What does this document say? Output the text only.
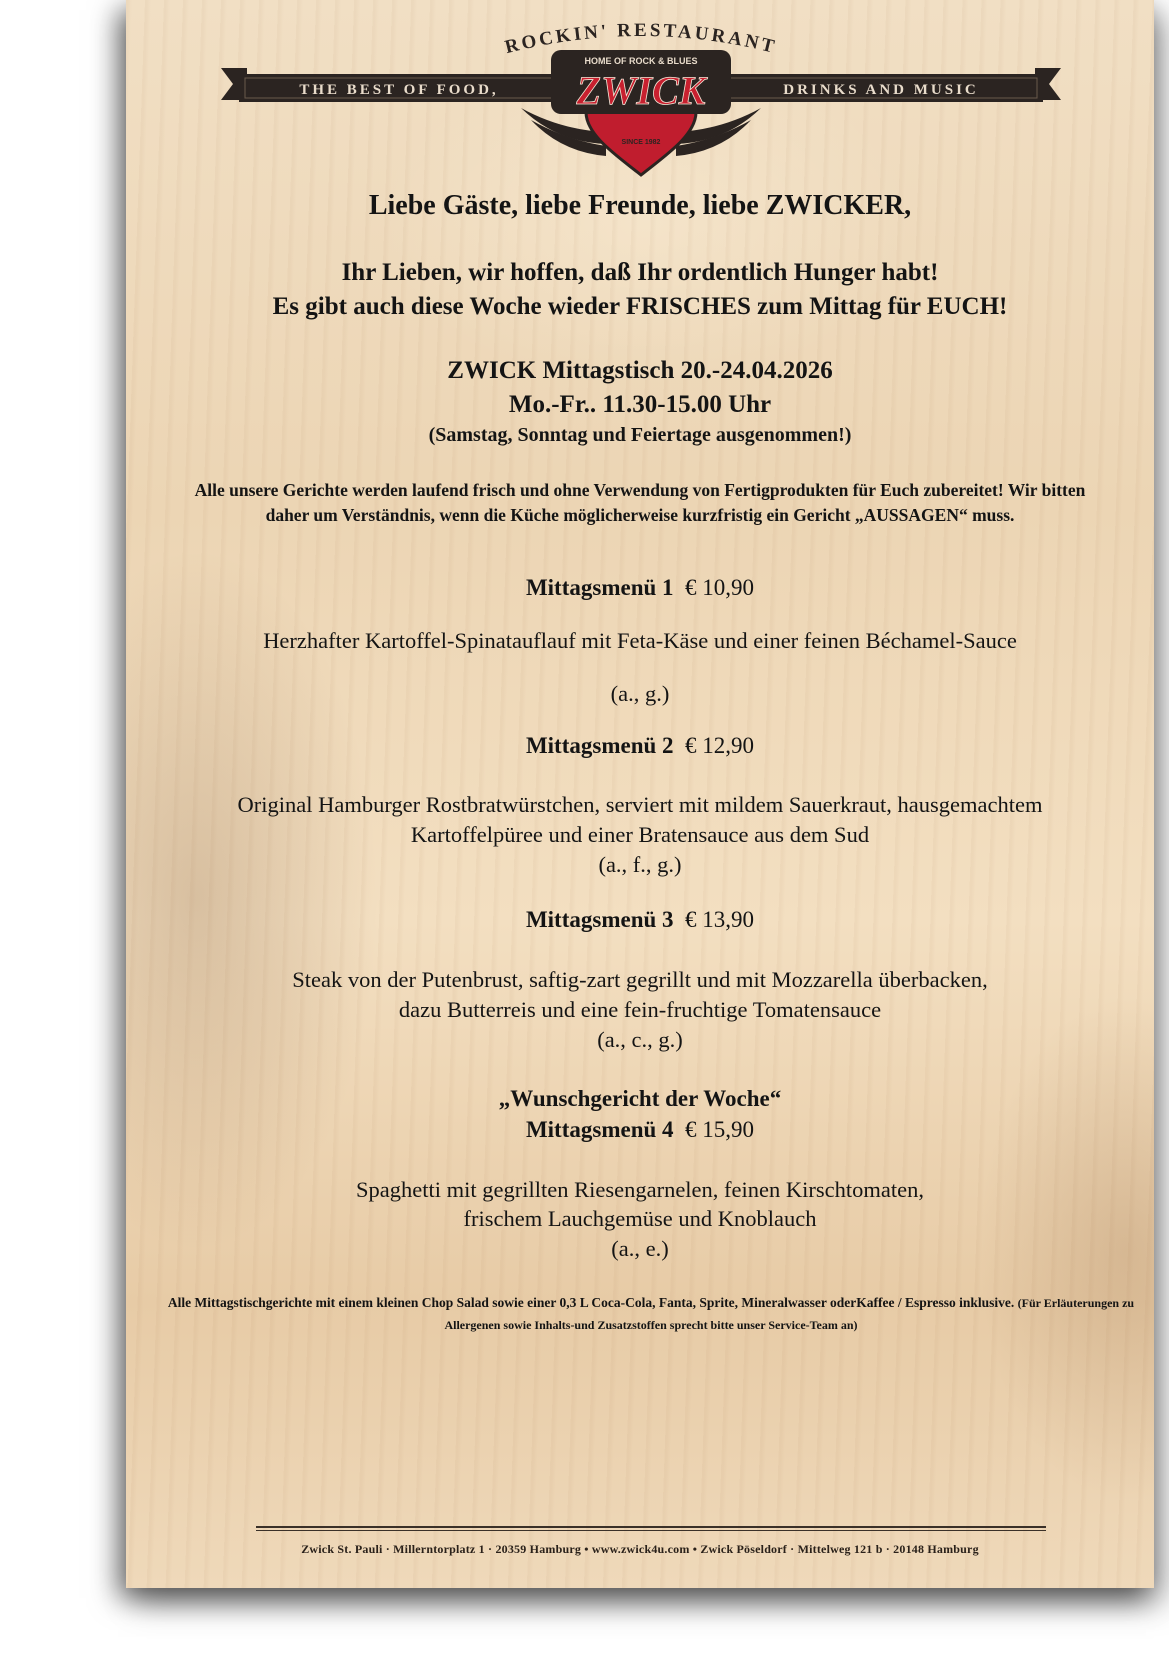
THE BEST OF FOOD,	DRINKS AND MUSIC
ROCKIN' RESTAURANT
HOME OF ROCK & BLUES
ZWICK
SINCE 1982
Liebe Gäste, liebe Freunde, liebe ZWICKER,
Ihr Lieben, wir hoffen, daß Ihr ordentlich Hunger habt!
Es gibt auch diese Woche wieder FRISCHES zum Mittag für EUCH!
ZWICK Mittagstisch 20.-24.04.2026
Mo.-Fr.. 11.30-15.00 Uhr
(Samstag, Sonntag und Feiertage ausgenommen!)
Alle unsere Gerichte werden laufend frisch und ohne Verwendung von Fertigprodukten für Euch zubereitet! Wir bitten daher um Verständnis, wenn die Küche möglicherweise kurzfristig ein Gericht „AUSSAGEN“ muss.
Mittagsmenü 1 € 10,90
Herzhafter Kartoffel-Spinatauflauf mit Feta-Käse und einer feinen Béchamel-Sauce
(a., g.)
Mittagsmenü 2 € 12,90
Original Hamburger Rostbratwürstchen, serviert mit mildem Sauerkraut, hausgemachtem
Kartoffelpüree und einer Bratensauce aus dem Sud
(a., f., g.)
Mittagsmenü 3 € 13,90
Steak von der Putenbrust, saftig-zart gegrillt und mit Mozzarella überbacken,
dazu Butterreis und eine fein-fruchtige Tomatensauce
(a., c., g.)
„Wunschgericht der Woche“
Mittagsmenü 4 € 15,90
Spaghetti mit gegrillten Riesengarnelen, feinen Kirschtomaten,
frischem Lauchgemüse und Knoblauch
(a., e.)
Alle Mittagstischgerichte mit einem kleinen Chop Salad sowie einer 0,3 L Coca-Cola, Fanta, Sprite, Mineralwasser oderKaffee / Espresso inklusive. (Für Erläuterungen zu Allergenen sowie Inhalts-und Zusatzstoffen sprecht bitte unser Service-Team an)
Zwick St. Pauli · Millerntorplatz 1 · 20359 Hamburg • www.zwick4u.com • Zwick Pöseldorf · Mittelweg 121 b · 20148 Hamburg
